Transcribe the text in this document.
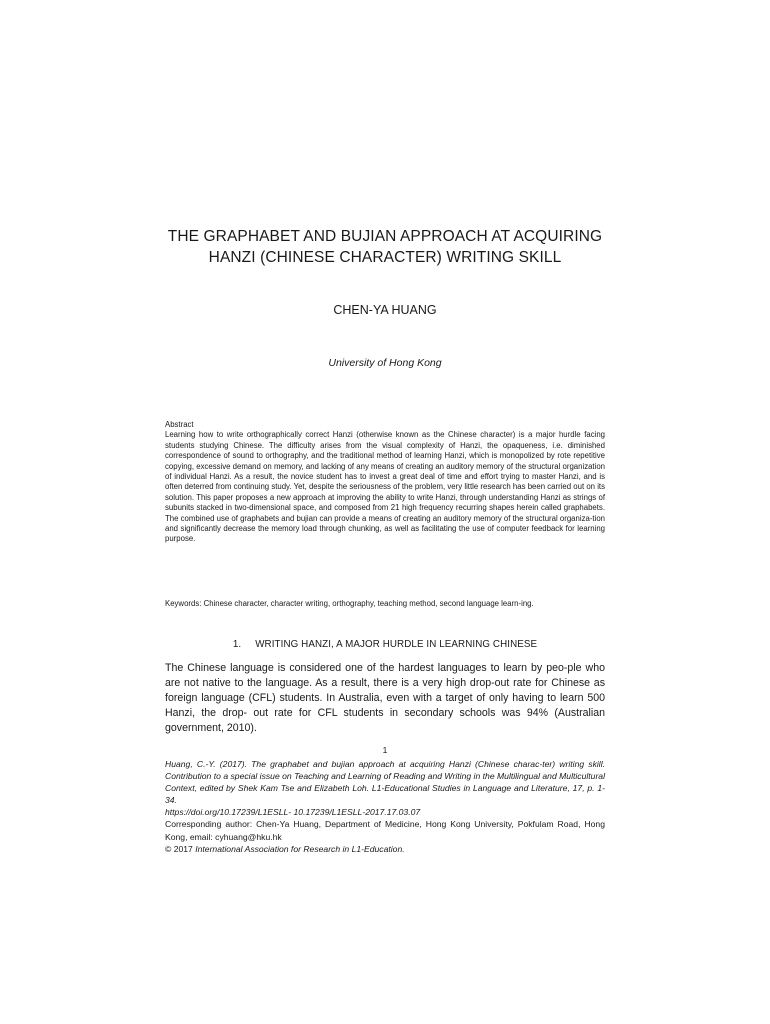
THE GRAPHABET AND BUJIAN APPROACH AT ACQUIRING
HANZI (CHINESE CHARACTER) WRITING SKILL
CHEN-YA HUANG
University of Hong Kong
Abstract
Learning how to write orthographically correct Hanzi (otherwise known as the Chinese character) is a major hurdle facing students studying Chinese. The difficulty arises from the visual complexity of Hanzi, the opaqueness, i.e. diminished correspondence of sound to orthography, and the traditional method of learning Hanzi, which is monopolized by rote repetitive copying, excessive demand on memory, and lacking of any means of creating an auditory memory of the structural organization of individual Hanzi. As a result, the novice student has to invest a great deal of time and effort trying to master Hanzi, and is often deterred from continuing study. Yet, despite the seriousness of the problem, very little research has been carried out on its solution. This paper proposes a new approach at improving the ability to write Hanzi, through understanding Hanzi as strings of subunits stacked in two-dimensional space, and composed from 21 high frequency recurring shapes herein called graphabets. The combined use of graphabets and bujian can provide a means of creating an auditory memory of the structural organiza-tion and significantly decrease the memory load through chunking, as well as facilitating the use of computer feedback for learning purpose.
Keywords: Chinese character, character writing, orthography, teaching method, second language learn-ing.
1. WRITING HANZI, A MAJOR HURDLE IN LEARNING CHINESE
The Chinese language is considered one of the hardest languages to learn by peo-ple who are not native to the language. As a result, there is a very high drop-out rate for Chinese as foreign language (CFL) students. In Australia, even with a target of only having to learn 500 Hanzi, the drop- out rate for CFL students in secondary schools was 94% (Australian government, 2010).
1
Huang, C.-Y. (2017). The graphabet and bujian approach at acquiring Hanzi (Chinese charac-ter) writing skill. Contribution to a special issue on Teaching and Learning of Reading and Writing in the Multilingual and Multicultural Context, edited by Shek Kam Tse and Elizabeth Loh. L1-Educational Studies in Language and Literature, 17, p. 1-34.
https://doi.org/10.17239/L1ESLL- 10.17239/L1ESLL-2017.17.03.07
Corresponding author: Chen-Ya Huang, Department of Medicine, Hong Kong University, Pokfulam Road, Hong Kong, email: cyhuang@hku.hk
© 2017 International Association for Research in L1-Education.
